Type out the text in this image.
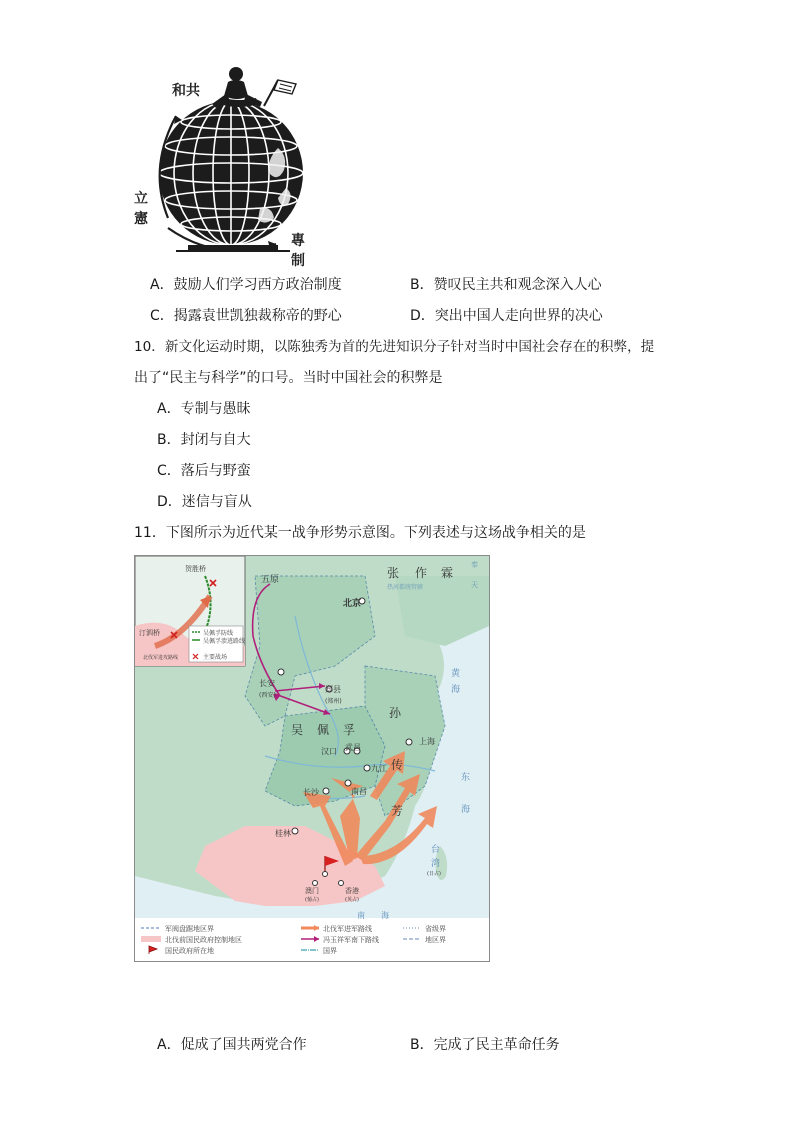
和共
立
憲
專
制
A．鼓励人们学习西方政治制度	B．赞叹民主共和观念深入人心
C．揭露袁世凯独裁称帝的野心	D．突出中国人走向世界的决心
10．新文化运动时期，以陈独秀为首的先进知识分子针对当时中国社会存在的积弊，提
出了“民主与科学”的口号。当时中国社会的积弊是
A．专制与愚昧
B．封闭与自大
C．落后与野蛮
D．迷信与盲从
11．下图所示为近代某一战争形势示意图。下列表述与这场战争相关的是
贺胜桥
汀泗桥
北伐军进攻路线
吴佩孚防线
吴佩孚溃逃路线
主要战场
五原	张 作 霖
热河都统管辖
奉
天
北京
黄
海
长安
(西安)
郑县
(郑州)
吴 佩 孚
孙
传
芳
汉口 武昌
九江
南昌
长沙
上海
桂林
澳门
(葡占)
香港
(英占)
台
湾
(日占)
东
海
南 海
军阀盘踞地区界
北伐前国民政府控制地区
国民政府所在地
北伐军进军路线
冯玉祥军南下路线
国界
省级界
地区界
A．促成了国共两党合作	B．完成了民主革命任务
